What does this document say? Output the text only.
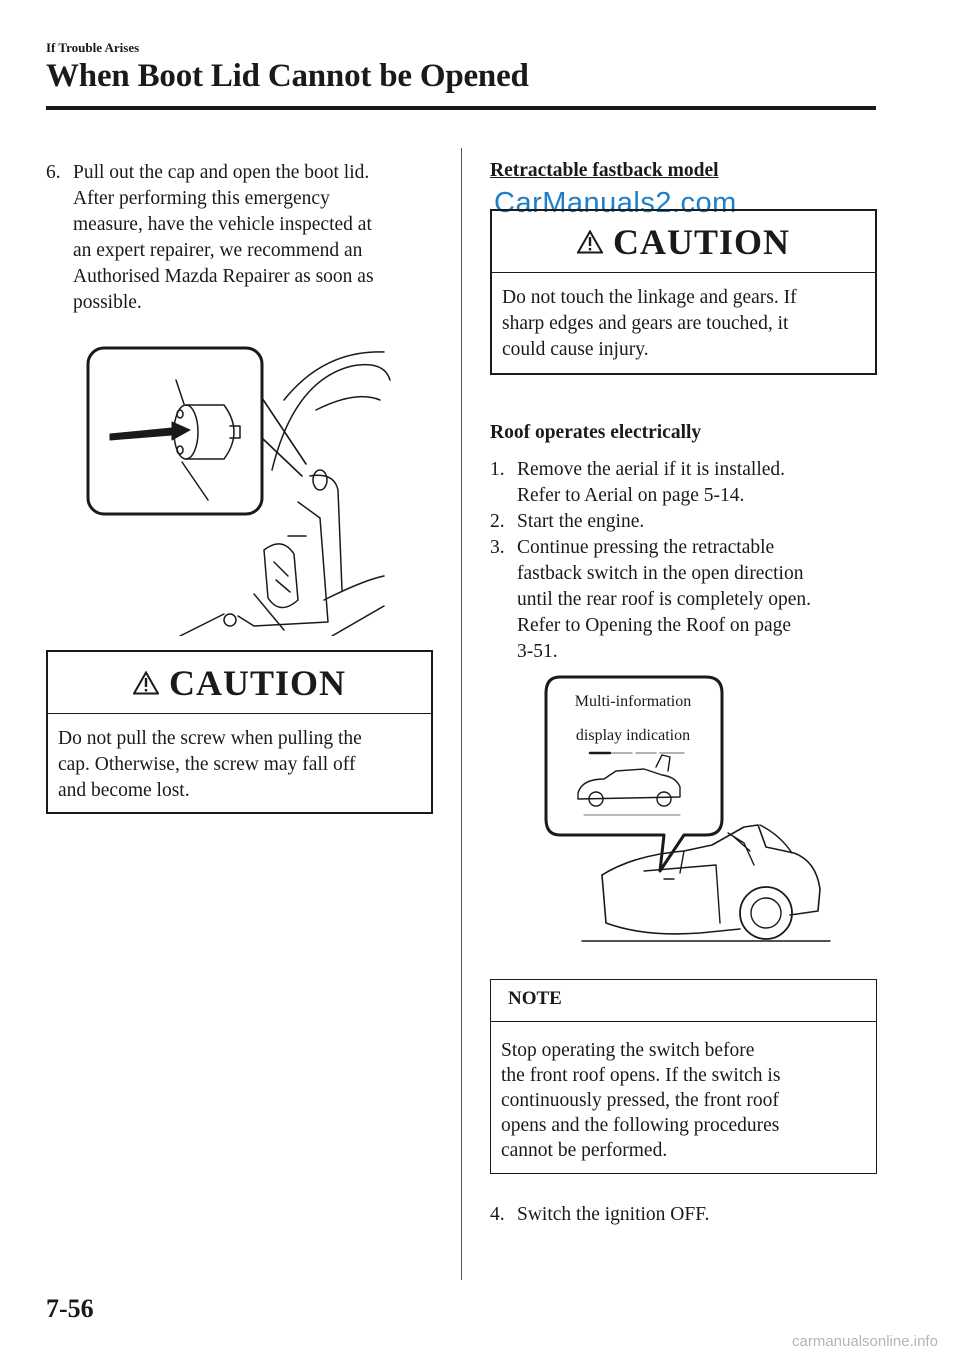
If Trouble Arises
When Boot Lid Cannot be Opened
6. Pull out the cap and open the boot lid.
After performing this emergency
measure, have the vehicle inspected at
an expert repairer, we recommend an
Authorised Mazda Repairer as soon as
possible.
CAUTION
Do not pull the screw when pulling the
cap. Otherwise, the screw may fall off
and become lost.
Retractable fastback model
CarManuals2.com
CAUTION
Do not touch the linkage and gears. If
sharp edges and gears are touched, it
could cause injury.
Roof operates electrically
1. Remove the aerial if it is installed.
Refer to Aerial on page 5-14.
2. Start the engine.
3. Continue pressing the retractable
fastback switch in the open direction
until the rear roof is completely open.
Refer to Opening the Roof on page
3-51.
Multi-information
display indication
NOTE
Stop operating the switch before
the front roof opens. If the switch is
continuously pressed, the front roof
opens and the following procedures
cannot be performed.
4. Switch the ignition OFF.
7-56
carmanualsonline.info
